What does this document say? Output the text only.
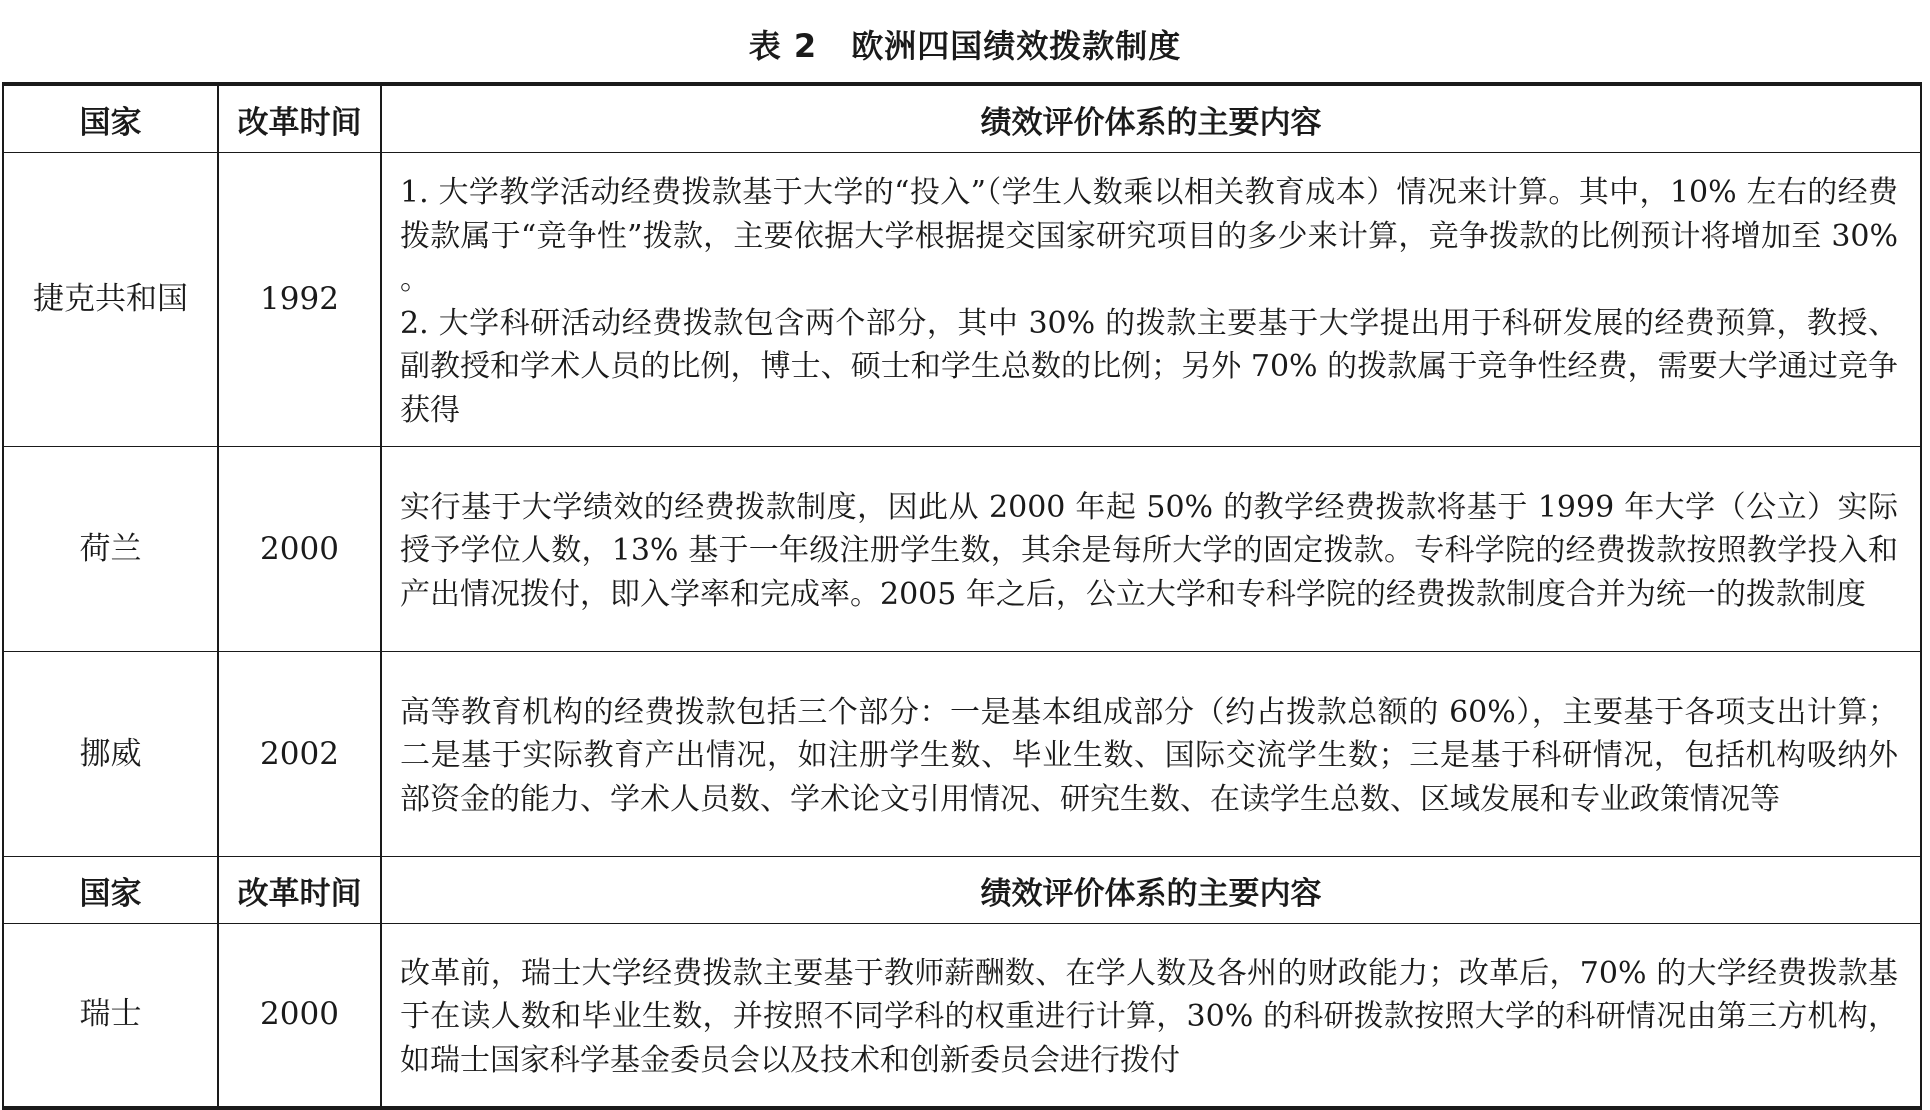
表 2 欧洲四国绩效拨款制度
国家	改革时间	绩效评价体系的主要内容
捷克共和国	1992	1. 大学教学活动经费拨款基于大学的“投入”（学生人数乘以相关教育成本）情况来计算。其中，10% 左右的经费拨款属于“竞争性”拨款，主要依据大学根据提交国家研究项目的多少来计算，竞争拨款的比例预计将增加至 30% 。
2. 大学科研活动经费拨款包含两个部分，其中 30% 的拨款主要基于大学提出用于科研发展的经费预算，教授、副教授和学术人员的比例，博士、硕士和学生总数的比例；另外 70% 的拨款属于竞争性经费，需要大学通过竞争获得

荷兰	2000	实行基于大学绩效的经费拨款制度，因此从 2000 年起 50% 的教学经费拨款将基于 1999 年大学（公立）实际授予学位人数，13% 基于一年级注册学生数，其余是每所大学的固定拨款。专科学院的经费拨款按照教学投入和产出情况拨付，即入学率和完成率。2005 年之后，公立大学和专科学院的经费拨款制度合并为统一的拨款制度

挪威	2002	高等教育机构的经费拨款包括三个部分：一是基本组成部分（约占拨款总额的 60%），主要基于各项支出计算；二是基于实际教育产出情况，如注册学生数、毕业生数、国际交流学生数；三是基于科研情况，包括机构吸纳外部资金的能力、学术人员数、学术论文引用情况、研究生数、在读学生总数、区域发展和专业政策情况等

国家	改革时间	绩效评价体系的主要内容
瑞士	2000	改革前，瑞士大学经费拨款主要基于教师薪酬数、在学人数及各州的财政能力；改革后，70% 的大学经费拨款基于在读人数和毕业生数，并按照不同学科的权重进行计算，30% 的科研拨款按照大学的科研情况由第三方机构，如瑞士国家科学基金委员会以及技术和创新委员会进行拨付
